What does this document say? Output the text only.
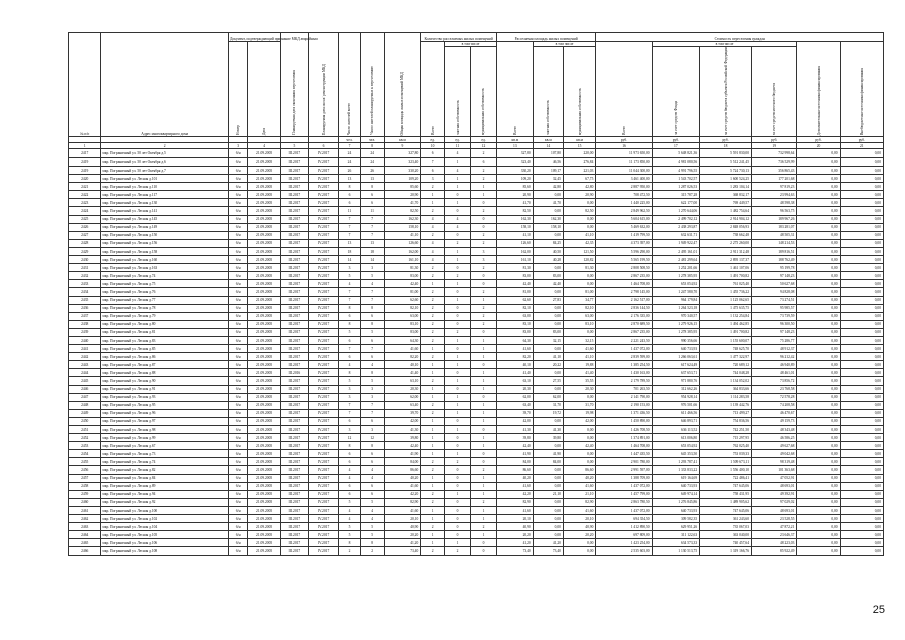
№ п/п	Адрес многоквартирного дома	Документ, подтверждающий признание МКД аварийным		Планируемая дата окончания переселения	Планируемая дата сноса/ реконструкции МКД	Число жителей всего	Число жителей планируемых к переселению	Общая площадь жилых помещений МКД	Количество расселяемых жилых помещений			Расселяемая площадь жилых помещений			Стоимость переселения граждан					
		Номер	Дата						Всего	в том числе		Всего	в том числе		Всего	в том числе			Дополнительные источники финансирования	Внебюджетные источники финансирования
										частная собственность	муниципальная собственность		частная собственность	муниципальная собственность		за счет средств Фонда	за счет средств бюджета субъекта Российской Федерации	за счет средств местного бюджета		
						чел.	чел.	кв.м	ед.	ед.	ед.	кв.м	кв.м	кв.м	руб.	руб.	руб.	руб.	руб.	руб.
1	2	3	4	5	6	7	8	9	10	11	12	13	14	15	16	17	18	19	20	21
2417	мкр. Пограничный ул. 50 лет Октября д.5	б/н	21.09.2005	III.2017	IV.2017	24	24	327,80	6	4	2	327,80	107,80	220,00	11 973 650,00	5 648 821,36	5 591 830,00	732 998,64	0,00	0,00
2419	мкр. Пограничный ул. 50 лет Октября д.6	б/н	21.09.2005	III.2017	IV.2017	24	24	323,40	7	1	6	323,40	46,56	276,84	11 173 850,00	4 981 080,56	5 512 241,45	736 529,99	0,00	0,00
2419	мкр. Пограничный ул. 50 лет Октября д.7	б/н	21.09.2005	III.2017	IV.2017	26	26	330,20	6	4	2	330,20	109,17	221,03	11 044 300,00	4 991 796,55	5 724 730,13	356 865,43	0,00	0,00
2420	мкр. Пограничный ул. Лесная д.101	б/н	21.09.2005	III.2017	IV.2017	13	13	109,20	3	1	2	109,20	32,45	67,75	3 461 400,00	1 543 702,57	1 600 524,25	177 201,68	0,00	0,00
2421	мкр. Пограничный ул. Лесная д.110	б/н	21.09.2005	III.2017	IV.2017	8	8	85,60	2	1	1	85,60	42,80	42,80	2 887 950,00	1 287 026,53	1 283 104,14	97 819,23	0,00	0,00
2422	мкр. Пограничный ул. Лесная д.117	б/н	21.09.2005	III.2017	IV.2017	6	6	20,90	1	0	1	20,90	0,00	20,90	708 472,50	315 787,28	368 832,17	23 994,63	0,00	0,00
2423	мкр. Пограничный ул. Лесная д.130	б/н	21.09.2005	III.2017	IV.2017	6	6	41,70	1	1	0	41,70	41,70	0,00	1 440 225,00	622 177,00	769 449,57	48 598,38	0,00	0,00
2424	мкр. Пограничный ул. Лесная д.141	б/н	21.09.2005	III.2017	IV.2017	11	11	82,50	2	0	2	82,50	0,00	82,50	2 849 962,50	1 270 644,06	1 482 754,64	96 563,75	0,00	0,00
2425	мкр. Пограничный ул. Лесная д.145	б/н	21.09.2005	III.2017	IV.2017	7	7	162,30	4	4	0	162,30	162,30	0,00	5 604 615,00	2 499 702,12	2 914 904,12	189 967,26	0,00	0,00
2426	мкр. Пограничный ул. Лесная д.149	б/н	21.09.2005	III.2017	IV.2017	7	7	158,10	4	4	0	158,10	158,10	0,00	5 469 632,00	2 438 293,87	2 848 056,93	183 281,07	0,00	0,00
2427	мкр. Пограничный ул. Лесная д.150	б/н	21.09.2005	III.2017	IV.2017	7	7	41,10	2	0	2	41,10	0,00	41,10	1 419 799,50	632 631,71	738 662,48	48 505,31	0,00	0,00
2428	мкр. Пограничный ул. Лесная д.156	б/н	21.09.2005	III.2017	IV.2017	13	13	126,60	4	2	2	126,60	84,25	42,35	4 373 397,00	1 949 922,47	2 275 260,00	148 214,53	0,00	0,00
2429	мкр. Пограничный ул. Лесная д.158	б/н	21.09.2005	III.2017	IV.2017	18	18	162,00	4	1	3	162,00	40,50	121,50	5 596 290,00	2 495 161,01	2 911 312,48	189 816,51	0,00	0,00
2430	мкр. Пограничный ул. Лесная д.160	б/н	21.09.2005	III.2017	IV.2017	14	14	161,10	4	1	3	161,10	40,28	120,82	5 565 199,50	2 481 299,64	2 895 137,37	188 762,49	0,00	0,00
2431	мкр. Пограничный ул. Лесная д.163	б/н	21.09.2005	III.2017	IV.2017	3	3	81,30	2	0	2	81,30	0,00	81,30	2 808 508,50	1 252 201,66	1 461 107,06	95 199,78	0,00	0,00
2432	мкр. Пограничный ул. Лесная д.74	б/н	21.09.2005	III.2017	IV.2017	5	5	83,00	2	2	0	83,00	83,00	0,00	2 867 235,00	1 278 385,95	1 491 700,82	97 148,23	0,00	0,00
2433	мкр. Пограничный ул. Лесная д.75	б/н	21.09.2005	III.2017	IV.2017	4	4	42,40	1	1	0	42,40	42,40	0,00	1 464 708,00	653 054,92	761 025,40	50 627,68	0,00	0,00
2434	мкр. Пограничный ул. Лесная д.76	б/н	21.09.2005	III.2017	IV.2017	7	7	81,00	2	0	2	81,00	0,00	81,00	2 798 145,00	1 247 580,70	1 455 736,22	94 828,08	0,00	0,00
2435	мкр. Пограничный ул. Лесная д.77	б/н	21.09.2005	III.2017	IV.2017	7	7	62,60	2	1	1	62,60	27,83	34,77	2 162 517,00	964 179,84	1 125 062,65	73 274,51	0,00	0,00
2436	мкр. Пограничный ул. Лесная д.78	б/н	21.09.2005	III.2017	IV.2017	8	8	82,10	2	0	2	82,10	0,00	82,10	2 836 144,50	1 264 523,18	1 475 635,75	95 985,57	0,00	0,00
2437	мкр. Пограничный ул. Лесная д.79	б/н	21.09.2005	III.2017	IV.2017	6	6	63,00	2	0	2	63,00	0,00	63,00	2 176 335,00	970 340,57	1 132 254,84	73 739,59	0,00	0,00
2438	мкр. Пограничный ул. Лесная д.80	б/н	21.09.2005	III.2017	IV.2017	8	8	83,10	2	0	2	83,10	0,00	83,10	2 870 689,50	1 279 926,15	1 494 462,85	96 300,50	0,00	0,00
2439	мкр. Пограничный ул. Лесная д.81	б/н	21.09.2005	III.2017	IV.2017	5	5	83,00	2	2	0	83,00	83,00	0,00	2 867 235,00	1 278 385,95	1 491 700,82	97 148,23	0,00	0,00
2440	мкр. Пограничный ул. Лесная д.83	б/н	21.09.2005	III.2017	IV.2017	6	6	64,30	2	1	1	64,30	32,15	32,15	2 221 243,50	990 356,66	1 155 600,07	75 286,77	0,00	0,00
2441	мкр. Пограничный ул. Лесная д.85	б/н	21.09.2005	III.2017	IV.2017	7	7	41,60	1	0	1	41,60	0,00	41,60	1 437 072,00	640 733,93	748 625,70	48 912,37	0,00	0,00
2442	мкр. Пограничный ул. Лесная д.86	б/н	21.09.2005	III.2017	IV.2017	6	6	82,20	2	1	1	82,20	41,10	41,10	2 839 599,00	1 266 063,61	1 477 322,97	96 212,42	0,00	0,00
2443	мкр. Пограничный ул. Лесная д.87	б/н	21.09.2005	III.2017	IV.2017	4	4	40,10	1	1	0	40,10	20,22	19,88	1 385 254,50	617 624,49	720 689,12	46 940,89	0,00	0,00
2444	мкр. Пограничный ул. Лесная д.88	б/н	21.09.2005	III.2016	IV.2017	8	8	41,40	1	0	1	41,40	0,00	41,40	1 430 163,00	637 653,71	744 048,28	48 461,01	0,00	0,00
2445	мкр. Пограничный ул. Лесная д.90	б/н	21.09.2005	III.2017	IV.2017	5	5	63,10	2	1	1	63,10	27,55	35,55	2 179 789,50	971 880,76	1 134 052,02	73 856,72	0,00	0,00
2446	мкр. Пограничный ул. Лесная д.91	б/н	21.09.2005	III.2017	IV.2017	3	3	20,30	1	0	1	20,30	0,00	20,30	701 263,50	312 662,26	364 833,66	23 768,58	0,00	0,00
2447	мкр. Пограничный ул. Лесная д.93	б/н	21.09.2005	III.2017	IV.2017	3	3	62,00	1	1	0	62,00	62,00	0,00	2 141 790,00	954 928,14	1 114 283,58	72 578,28	0,00	0,00
2448	мкр. Пограничный ул. Лесная д.95	б/н	21.09.2005	III.2017	IV.2017	7	7	63,40	2	1	1	63,40	31,70	31,70	2 190 153,00	976 501,66	1 139 442,76	74 208,58	0,00	0,00
2449	мкр. Пограничный ул. Лесная д.96	б/н	21.09.2005	III.2017	IV.2017	7	7	39,70	2	1	1	39,70	19,72	19,98	1 371 436,50	611 466,56	713 499,27	46 470,67	0,00	0,00
2450	мкр. Пограничный ул. Лесная д.97	б/н	21.09.2005	III.2017	IV.2017	6	6	42,00	1	0	1	42,00	0,00	42,00	1 450 890,00	646 893,71	754 836,56	49 159,73	0,00	0,00
2451	мкр. Пограничный ул. Лесная д.98	б/н	21.09.2005	III.2017	IV.2017	3	3	41,30	1	1	0	41,30	41,30	0,00	1 426 708,50	636 113,52	742 251,50	48 343,48	0,00	0,00
2452	мкр. Пограничный ул. Лесная д.99	б/н	21.09.2005	III.2017	IV.2017	12	12	39,80	1	0	1	39,80	39,80	0,00	1 374 891,00	613 006,80	715 297,95	46 586,25	0,00	0,00
2453	мкр. Пограничный ул. Лесная д.67	б/н	21.09.2005	III.2017	IV.2017	8	8	42,40	1	0	1	42,40	0,00	42,40	1 464 708,00	653 054,92	762 025,40	49 627,68	0,00	0,00
2454	мкр. Пограничный ул. Лесная д.73	б/н	21.09.2005	III.2017	IV.2017	6	6	41,90	1	1	0	41,90	41,90	0,00	1 447 435,50	645 353,50	753 039,33	49 042,68	0,00	0,00
2455	мкр. Пограничный ул. Лесная д.74	б/н	21.09.2005	III.2017	IV.2017	6	6	84,00	2	2	0	84,00	84,00	0,00	2 901 780,00	1 293 787,41	1 509 673,11	98 319,48	0,00	0,00
2456	мкр. Пограничный ул. Лесная д.82	б/н	21.09.2005	III.2017	IV.2017	4	4	86,60	2	0	2	86,60	0,00	86,60	2 991 597,00	1 333 833,22	1 556 400,10	101 363,68	0,00	0,00
2457	мкр. Пограничный ул. Лесная д.84	б/н	21.09.2005	III.2017	IV.2017	4	4	40,20	1	0	1	40,20	0,00	40,20	1 388 709,00	619 164,69	722 486,41	47 052,91	0,00	0,00
2458	мкр. Пограничный ул. Лесная д.89	б/н	21.09.2005	III.2017	IV.2017	6	6	41,60	1	0	1	41,60	0,00	41,60	1 437 072,00	640 733,93	747 645,06	48 693,01	0,00	0,00
2459	мкр. Пограничный ул. Лесная д.94	б/н	21.09.2005	III.2017	IV.2017	6	6	42,20	2	1	1	42,20	21,10	21,10	1 457 799,00	649 974,14	758 431,95	49 392,91	0,00	0,00
2460	мкр. Пограничный ул. Лесная д.92	б/н	21.09.2005	III.2017	IV.2017	5	5	82,90	2	0	2	82,90	0,00	82,90	2 863 780,50	1 276 845,86	1 489 905,62	97 029,02	0,00	0,00
2461	мкр. Пограничный ул. Лесная д.100	б/н	21.09.2005	III.2017	IV.2017	4	4	41,60	1	0	1	41,60	0,00	41,60	1 437 072,00	640 733,93	747 645,06	48 693,01	0,00	0,00
2462	мкр. Пограничный ул. Лесная д.102	б/н	21.09.2005	III.2017	IV.2017	4	4	20,10	1	0	1	20,10	0,00	20,10	694 354,50	309 582,35	361 243,60	23 528,55	0,00	0,00
2463	мкр. Пограничный ул. Лесная д.104	б/н	21.09.2005	III.2017	IV.2017	5	5	40,90	2	0	2	40,90	0,00	40,90	1 412 890,50	629 951,26	735 067,03	47 872,21	0,00	0,00
2464	мкр. Пограничный ул. Лесная д.105	б/н	21.09.2005	III.2017	IV.2017	5	5	20,20	1	0	1	20,20	0,00	20,20	697 809,00	311 122,63	363 040,00	23 646,37	0,00	0,00
2465	мкр. Пограничный ул. Лесная д.106	б/н	21.09.2005	III.2017	IV.2017	8	8	41,20	1	1	0	41,20	41,20	0,00	1 423 254,00	634 573,33	740 457,64	48 223,03	0,00	0,00
2466	мкр. Пограничный ул. Лесная д.108	б/н	21.09.2005	III.2017	IV.2017	2	2	73,40	2	2	0	73,40	73,40	0,00	2 535 603,00	1 130 513,75	1 319 166,76	85 922,49	0,00	0,00
25
